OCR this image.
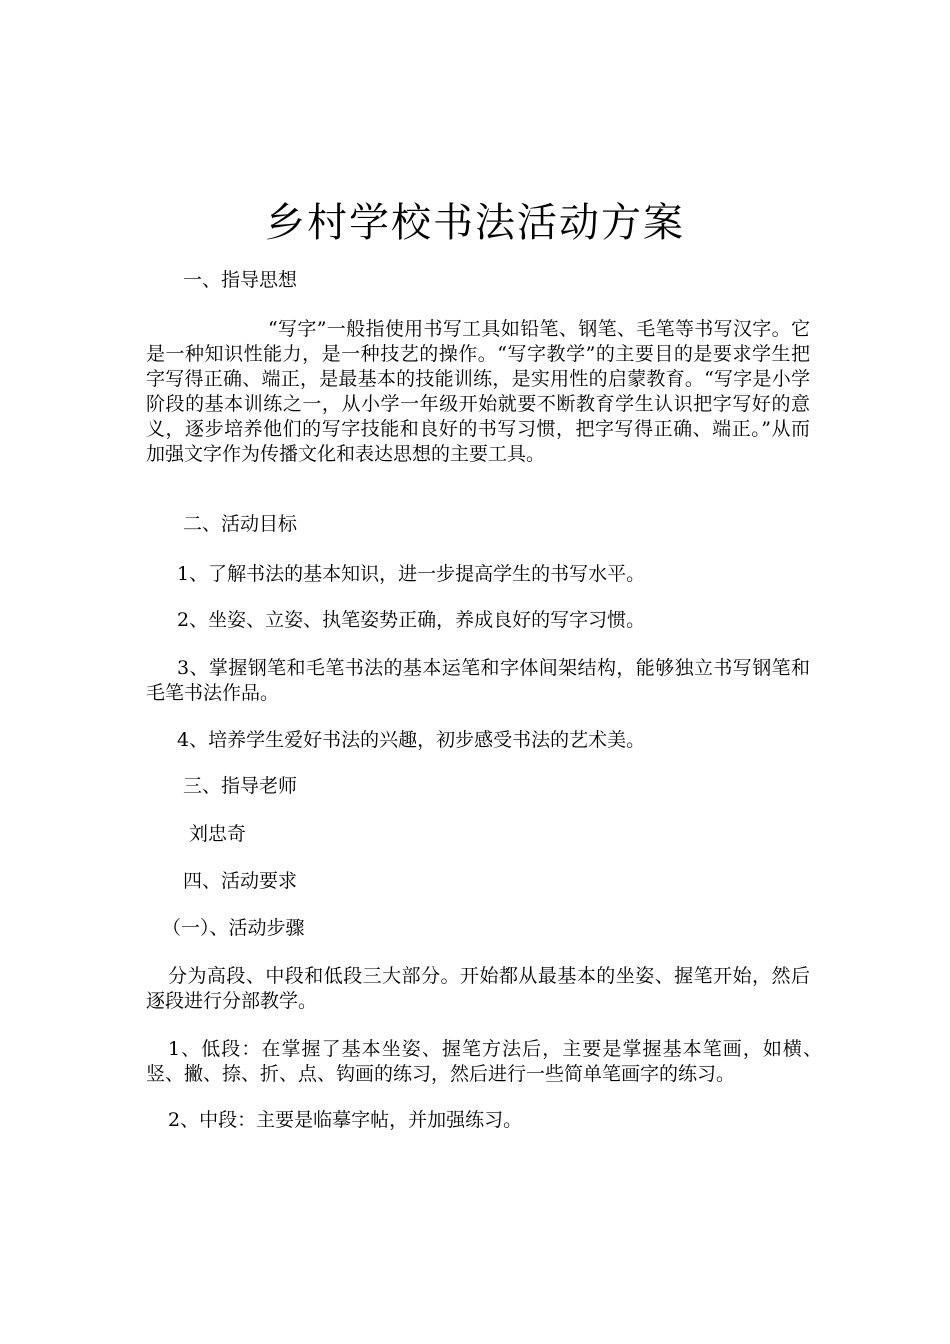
乡村学校书法活动方案
一、指导思想
“写字”一般指使用书写工具如铅笔、钢笔、毛笔等书写汉字。它是一种知识性能力，是一种技艺的操作。“写字教学”的主要目的是要求学生把字写得正确、端正，是最基本的技能训练，是实用性的启蒙教育。“写字是小学阶段的基本训练之一，从小学一年级开始就要不断教育学生认识把字写好的意义，逐步培养他们的写字技能和良好的书写习惯，把字写得正确、端正。”从而加强文字作为传播文化和表达思想的主要工具。
二、活动目标
1、了解书法的基本知识，进一步提高学生的书写水平。
2、坐姿、立姿、执笔姿势正确，养成良好的写字习惯。
3、掌握钢笔和毛笔书法的基本运笔和字体间架结构，能够独立书写钢笔和毛笔书法作品。
4、培养学生爱好书法的兴趣，初步感受书法的艺术美。
三、指导老师
刘忠奇
四、活动要求
（一）、活动步骤
分为高段、中段和低段三大部分。开始都从最基本的坐姿、握笔开始，然后逐段进行分部教学。
1、低段：在掌握了基本坐姿、握笔方法后，主要是掌握基本笔画，如横、竖、撇、捺、折、点、钩画的练习，然后进行一些简单笔画字的练习。
2、中段：主要是临摹字帖，并加强练习。
